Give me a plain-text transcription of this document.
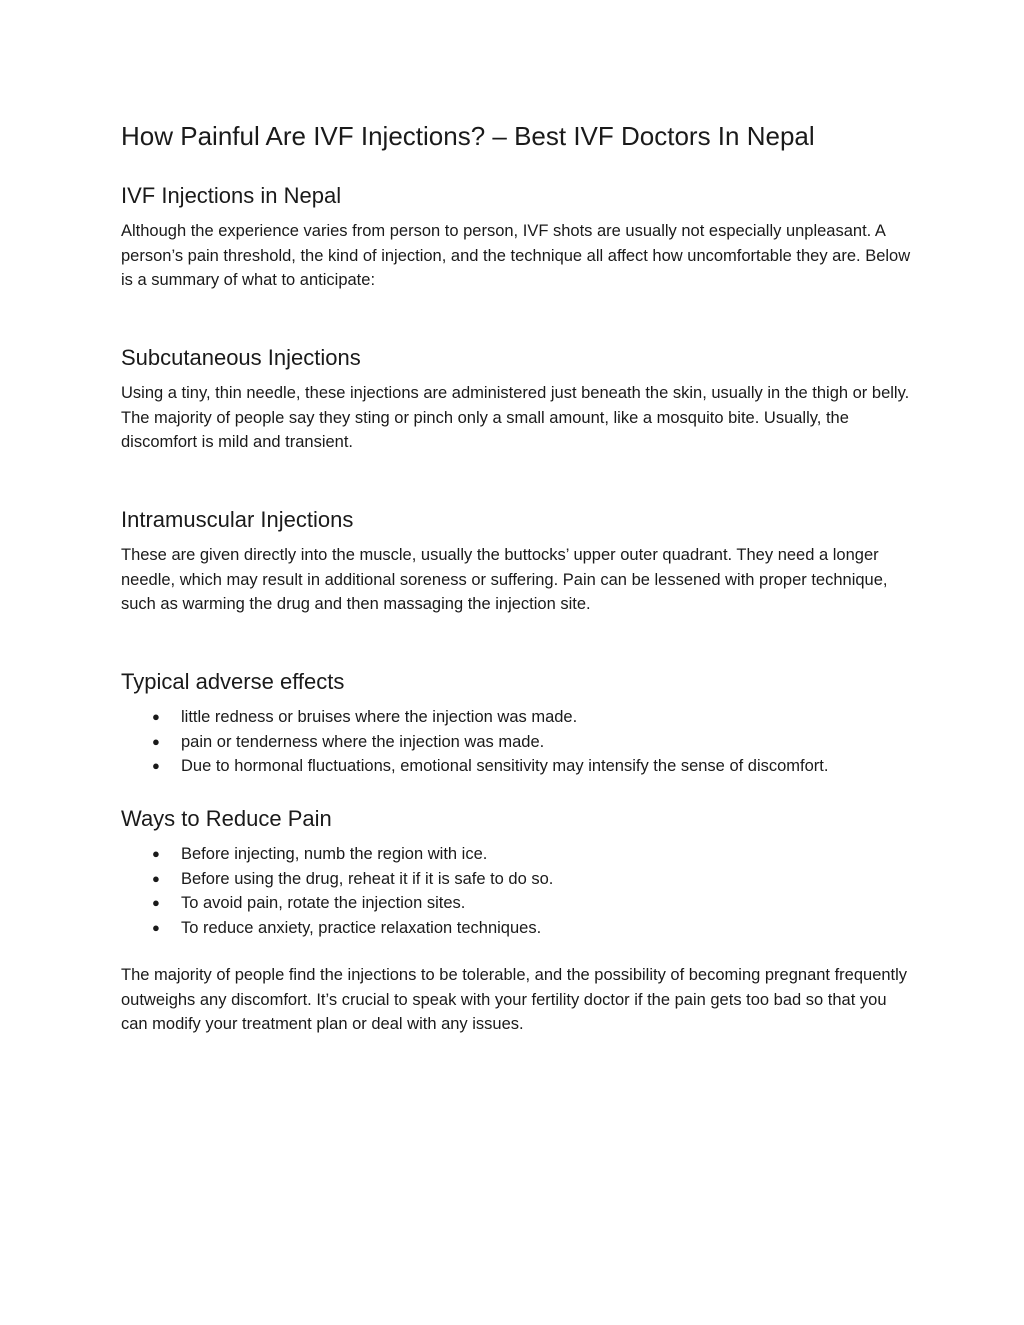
How Painful Are IVF Injections? – Best IVF Doctors In Nepal
IVF Injections in Nepal

Although the experience varies from person to person, IVF shots are usually not especially unpleasant. A person’s pain threshold, the kind of injection, and the technique all affect how uncomfortable they are. Below is a summary of what to anticipate:

Subcutaneous Injections

Using a tiny, thin needle, these injections are administered just beneath the skin, usually in the thigh or belly. The majority of people say they sting or pinch only a small amount, like a mosquito bite. Usually, the discomfort is mild and transient.

Intramuscular Injections

These are given directly into the muscle, usually the buttocks’ upper outer quadrant. They need a longer needle, which may result in additional soreness or suffering. Pain can be lessened with proper technique, such as warming the drug and then massaging the injection site.

Typical adverse effects
● little redness or bruises where the injection was made.
● pain or tenderness where the injection was made.
● Due to hormonal fluctuations, emotional sensitivity may intensify the sense of discomfort.
Ways to Reduce Pain
● Before injecting, numb the region with ice.
● Before using the drug, reheat it if it is safe to do so.
● To avoid pain, rotate the injection sites.
● To reduce anxiety, practice relaxation techniques.

The majority of people find the injections to be tolerable, and the possibility of becoming pregnant frequently outweighs any discomfort. It’s crucial to speak with your fertility doctor if the pain gets too bad so that you can modify your treatment plan or deal with any issues.
